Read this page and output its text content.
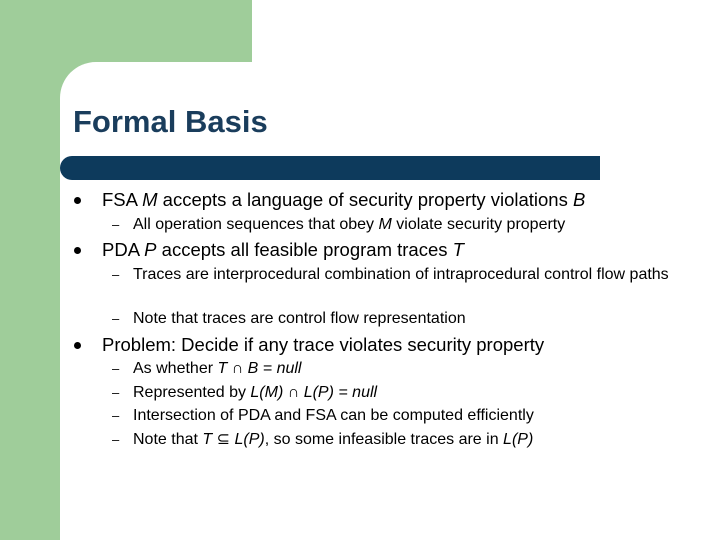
Formal Basis
FSA M accepts a language of security property violations B
– All operation sequences that obey M violate security property
PDA P accepts all feasible program traces T
– Traces are interprocedural combination of intraprocedural control flow paths
– Note that traces are control flow representation
Problem: Decide if any trace violates security property
– As whether T ∩ B = null
– Represented by L(M) ∩ L(P) = null
– Intersection of PDA and FSA can be computed efficiently
– Note that T ⊆ L(P), so some infeasible traces are in L(P)
